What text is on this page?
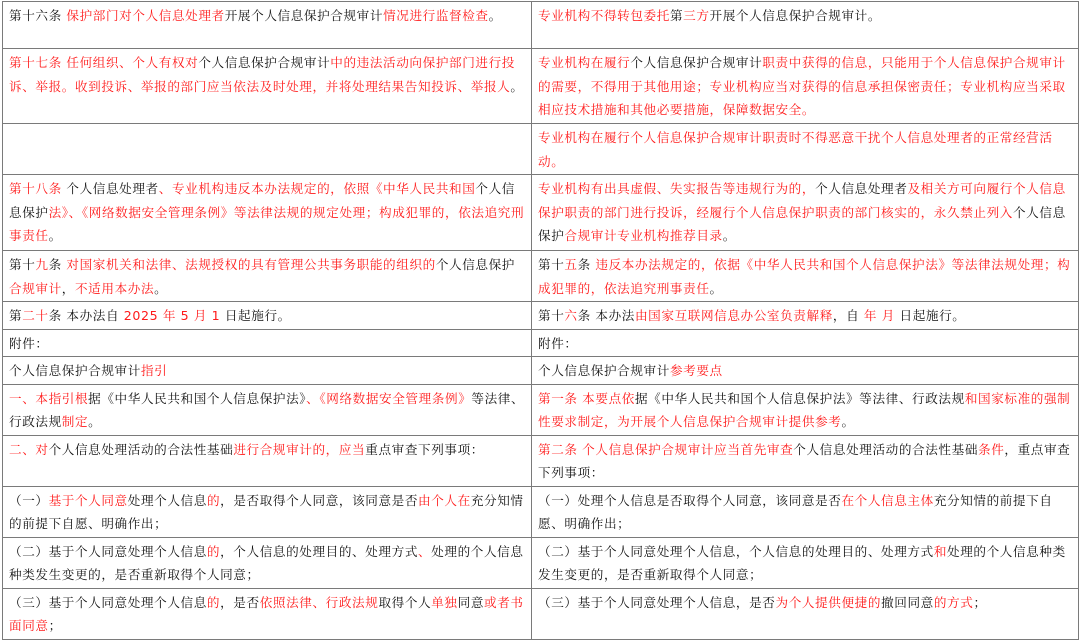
第十六条 保护部门对个人信息处理者开展个人信息保护合规审计情况进行监督检查。	专业机构不得转包委托第三方开展个人信息保护合规审计。
第十七条 任何组织、个人有权对个人信息保护合规审计中的违法活动向保护部门进行投诉、举报。收到投诉、举报的部门应当依法及时处理，并将处理结果告知投诉、举报人。	专业机构在履行个人信息保护合规审计职责中获得的信息，只能用于个人信息保护合规审计的需要，不得用于其他用途；专业机构应当对获得的信息承担保密责任；专业机构应当采取相应技术措施和其他必要措施，保障数据安全。
	专业机构在履行个人信息保护合规审计职责时不得恶意干扰个人信息处理者的正常经营活动。
第十八条 个人信息处理者、专业机构违反本办法规定的，依照《中华人民共和国个人信息保护法》、《网络数据安全管理条例》等法律法规的规定处理；构成犯罪的，依法追究刑事责任。	专业机构有出具虚假、失实报告等违规行为的，个人信息处理者及相关方可向履行个人信息保护职责的部门进行投诉，经履行个人信息保护职责的部门核实的，永久禁止列入个人信息保护合规审计专业机构推荐目录。
第十九条 对国家机关和法律、法规授权的具有管理公共事务职能的组织的个人信息保护合规审计，不适用本办法。	第十五条 违反本办法规定的，依据《中华人民共和国个人信息保护法》等法律法规处理；构成犯罪的，依法追究刑事责任。
第二十条 本办法自 2025 年 5 月 1 日起施行。	第十六条 本办法由国家互联网信息办公室负责解释，自 年 月 日起施行。
附件：	附件：
个人信息保护合规审计指引	个人信息保护合规审计参考要点
一、本指引根据《中华人民共和国个人信息保护法》、《网络数据安全管理条例》等法律、行政法规制定。	第一条 本要点依据《中华人民共和国个人信息保护法》等法律、行政法规和国家标准的强制性要求制定，为开展个人信息保护合规审计提供参考。
二、对个人信息处理活动的合法性基础进行合规审计的，应当重点审查下列事项：	第二条 个人信息保护合规审计应当首先审查个人信息处理活动的合法性基础条件，重点审查下列事项：
（一）基于个人同意处理个人信息的，是否取得个人同意，该同意是否由个人在充分知情的前提下自愿、明确作出；	（一）处理个人信息是否取得个人同意，该同意是否在个人信息主体充分知情的前提下自愿、明确作出；
（二）基于个人同意处理个人信息的，个人信息的处理目的、处理方式、处理的个人信息种类发生变更的，是否重新取得个人同意；	（二）基于个人同意处理个人信息，个人信息的处理目的、处理方式和处理的个人信息种类发生变更的，是否重新取得个人同意；
（三）基于个人同意处理个人信息的，是否依照法律、行政法规取得个人单独同意或者书面同意；	（三）基于个人同意处理个人信息，是否为个人提供便捷的撤回同意的方式；
